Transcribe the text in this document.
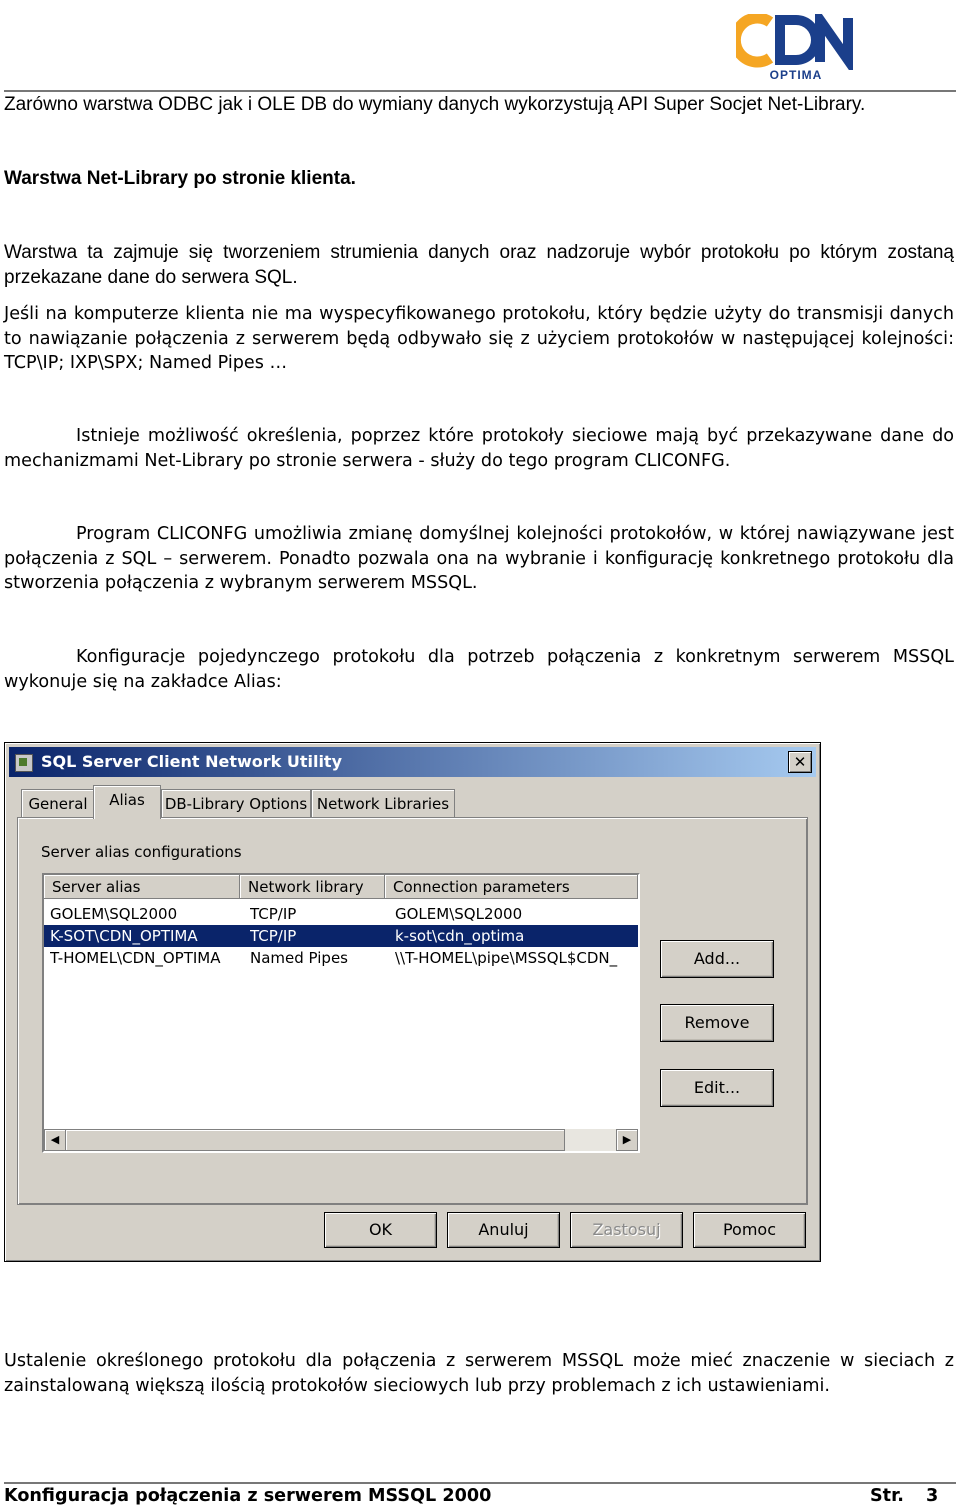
OPTIMA
Zarówno warstwa ODBC jak i OLE DB do wymiany danych wykorzystują API Super Socjet Net-Library.
Warstwa Net-Library po stronie klienta.
Warstwa ta zajmuje się tworzeniem strumienia danych oraz nadzoruje wybór protokołu po którym zostaną przekazane dane do serwera SQL.
Jeśli na komputerze klienta nie ma wyspecyfikowanego protokołu, który będzie użyty do transmisji danych to nawiązanie połączenia z serwerem będą odbywało się z użyciem protokołów w następującej kolejności: TCP\IP; IXP\SPX; Named Pipes …
Istnieje możliwość określenia, poprzez które protokoły sieciowe mają być przekazywane dane do mechanizmami Net-Library po stronie serwera - służy do tego program CLICONFG.
Program CLICONFG umożliwia zmianę domyślnej kolejności protokołów, w której nawiązywane jest połączenia z SQL – serwerem. Ponadto pozwala ona na wybranie i konfigurację konkretnego protokołu dla stworzenia połączenia z wybranym serwerem MSSQL.
Konfiguracje pojedynczego protokołu dla potrzeb połączenia z konkretnym serwerem MSSQL wykonuje się na zakładce Alias:
SQL Server Client Network Utility	✕
General	Alias	DB-Library Options Network Libraries
Server alias configurations
Server alias	Network library	Connection parameters
GOLEM\SQL2000	TCP/IP	GOLEM\SQL2000
K-SOT\CDN_OPTIMA	TCP/IP	k-sot\cdn_optima
T-HOMEL\CDN_OPTIMA Named Pipes	\\T-HOMEL\pipe\MSSQL$CDN_
◀	▶
Add...
Remove
Edit...
OK	Anuluj	Zastosuj	Pomoc
Ustalenie określonego protokołu dla połączenia z serwerem MSSQL może mieć znaczenie w sieciach z zainstalowaną większą ilością protokołów sieciowych lub przy problemach z ich ustawieniami.
Konfiguracja połączenia z serwerem MSSQL 2000	Str. 3
